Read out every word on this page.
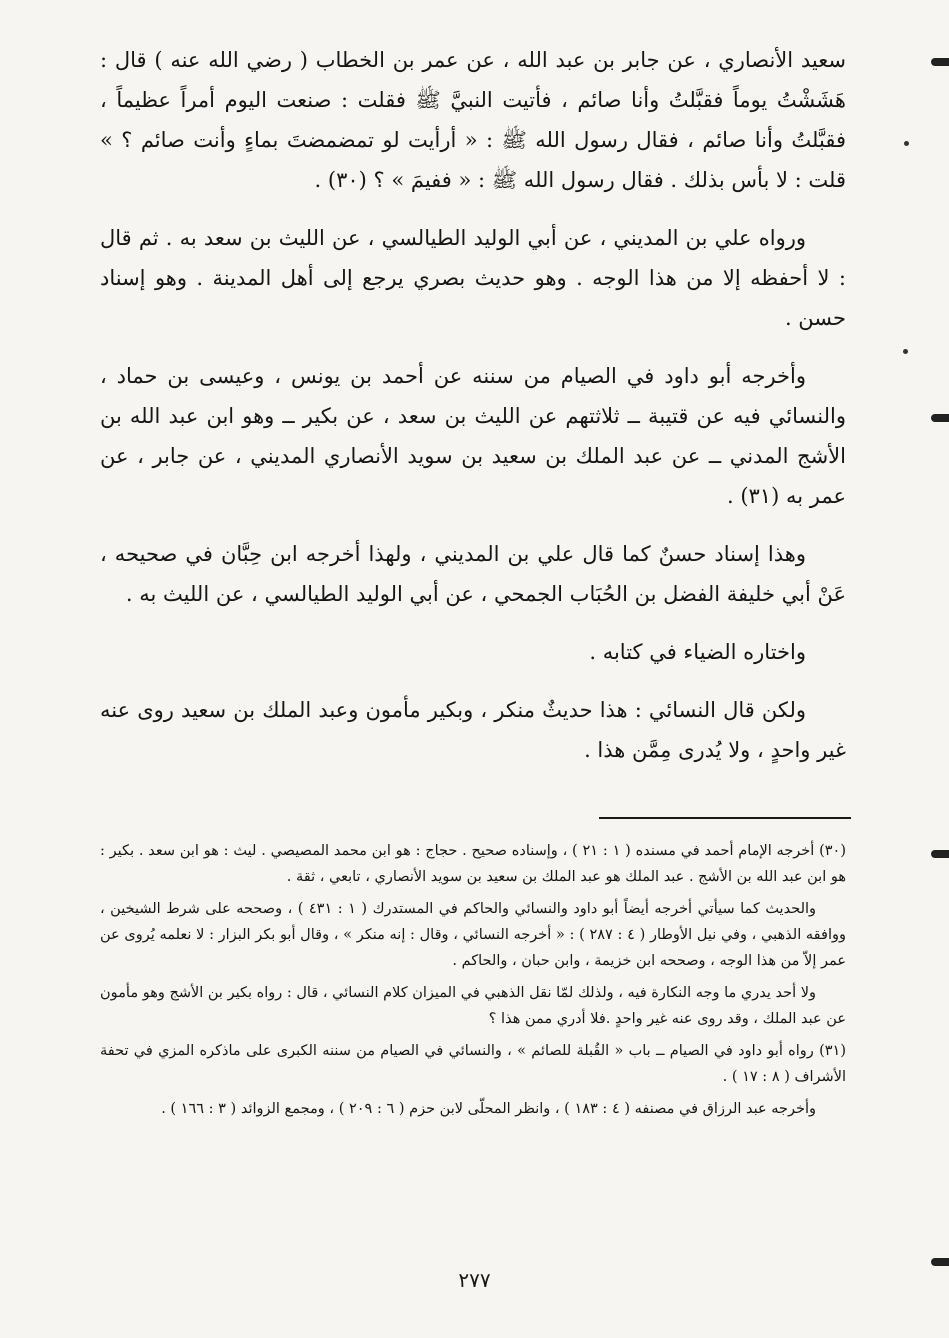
سعيد الأنصاري ، عن جابر بن عبد الله ، عن عمر بن الخطاب ( رضي الله عنه ) قال : هَشَشْتُ يوماً فقبَّلتُ وأنا صائم ، فأتيت النبيَّ ﷺ فقلت : صنعت اليوم أمراً عظيماً ، فقبَّلتُ وأنا صائم ، فقال رسول الله ﷺ : « أرأيت لو تمضمضتَ بماءٍ وأنت صائم ؟ » قلت : لا بأس بذلك . فقال رسول الله ﷺ : « ففيمَ » ؟ (٣٠) .

ورواه علي بن المديني ، عن أبي الوليد الطيالسي ، عن الليث بن سعد به . ثم قال : لا أحفظه إلا من هذا الوجه . وهو حديث بصري يرجع إلى أهل المدينة . وهو إسناد حسن .

وأخرجه أبو داود في الصيام من سننه عن أحمد بن يونس ، وعيسى بن حماد ، والنسائي فيه عن قتيبة ــ ثلاثتهم عن الليث بن سعد ، عن بكير ــ وهو ابن عبد الله بن الأشج المدني ــ عن عبد الملك بن سعيد بن سويد الأنصاري المديني ، عن جابر ، عن عمر به (٣١) .

وهذا إسناد حسنٌ كما قال علي بن المديني ، ولهذا أخرجه ابن حِبَّان في صحيحه ، عَنْ أبي خليفة الفضل بن الحُبَاب الجمحي ، عن أبي الوليد الطيالسي ، عن الليث به .

واختاره الضياء في كتابه .

ولكن قال النسائي : هذا حديثٌ منكر ، وبكير مأمون وعبد الملك بن سعيد روى عنه غير واحدٍ ، ولا يُدرى مِمَّن هذا .

(٣٠) أخرجه الإمام أحمد في مسنده ( ١ : ٢١ ) ، وإسناده صحيح . حجاج : هو ابن محمد المصيصي . ليث : هو ابن سعد . بكير : هو ابن عبد الله بن الأشج . عبد الملك هو عبد الملك بن سعيد بن سويد الأنصاري ، تابعي ، ثقة .

والحديث كما سيأتي أخرجه أيضاً أبو داود والنسائي والحاكم في المستدرك ( ١ : ٤٣١ ) ، وصححه على شرط الشيخين ، ووافقه الذهبي ، وفي نيل الأوطار ( ٤ : ٢٨٧ ) : « أخرجه النسائي ، وقال : إنه منكر » ، وقال أبو بكر البزار : لا نعلمه يُروى عن عمر إلاّ من هذا الوجه ، وصححه ابن خزيمة ، وابن حبان ، والحاكم .

ولا أحد يدري ما وجه النكارة فيه ، ولذلك لمّا نقل الذهبي في الميزان كلام النسائي ، قال : رواه بكير بن الأشج وهو مأمون عن عبد الملك ، وقد روى عنه غير واحدٍ .فلا أدري ممن هذا ؟

(٣١) رواه أبو داود في الصيام ــ باب « القُبلة للصائم » ، والنسائي في الصيام من سننه الكبرى على ماذكره المزي في تحفة الأشراف ( ٨ : ١٧ ) .

وأخرجه عبد الرزاق في مصنفه ( ٤ : ١٨٣ ) ، وانظر المحلّى لابن حزم ( ٦ : ٢٠٩ ) ، ومجمع الزوائد ( ٣ : ١٦٦ ) .

٢٧٧
